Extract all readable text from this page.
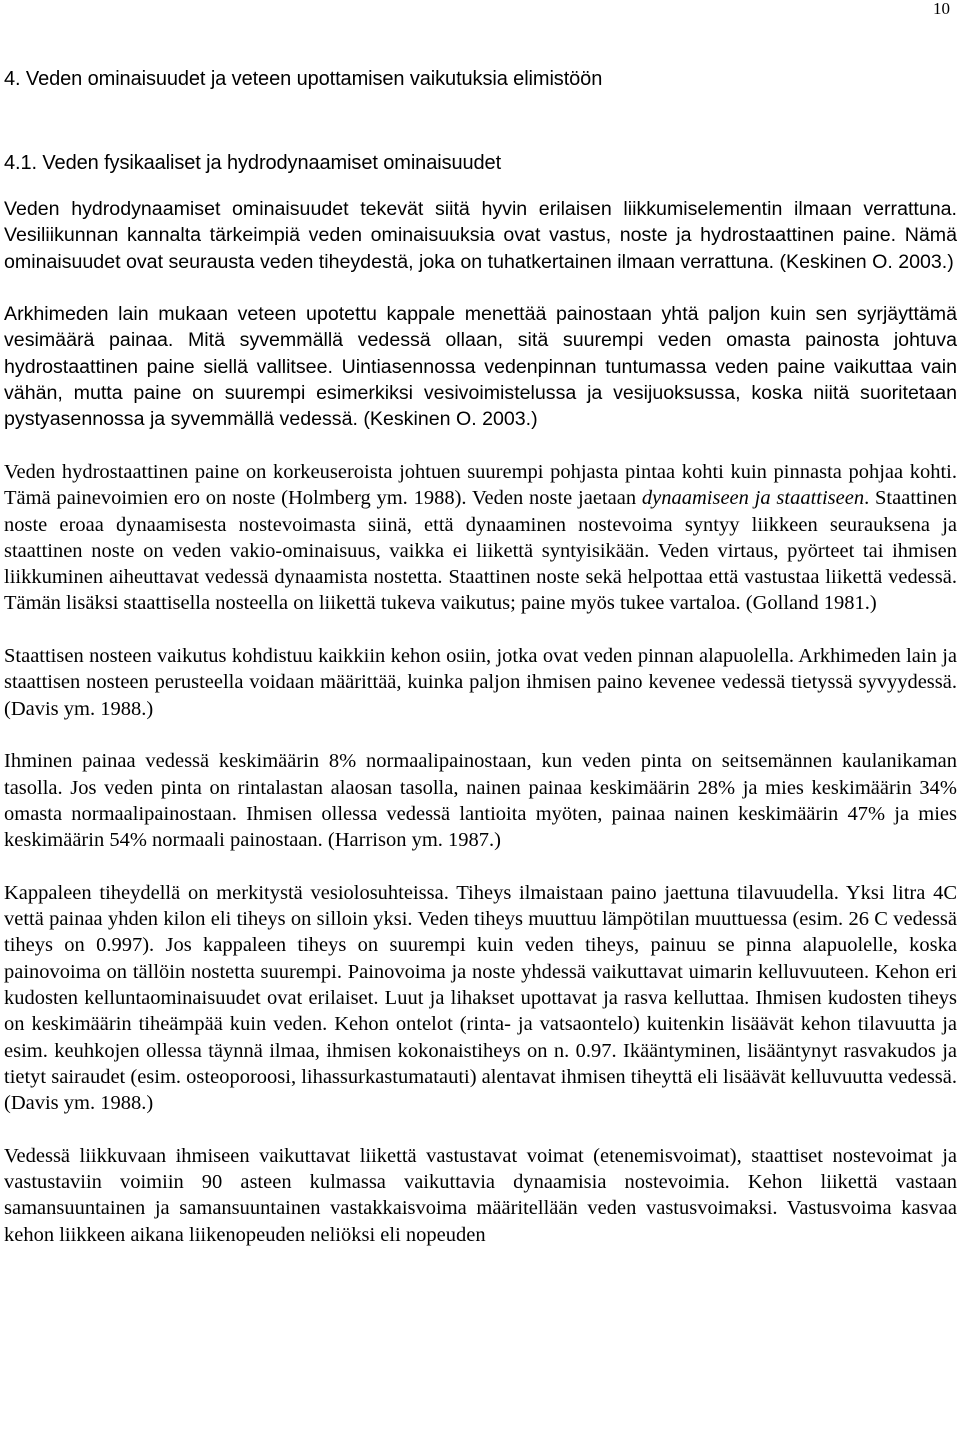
10
4. Veden ominaisuudet ja veteen upottamisen vaikutuksia elimistöön
4.1. Veden fysikaaliset ja hydrodynaamiset ominaisuudet

Veden hydrodynaamiset ominaisuudet tekevät siitä hyvin erilaisen liikkumiselementin ilmaan verrattuna. Vesiliikunnan kannalta tärkeimpiä veden ominaisuuksia ovat vastus, noste ja hydrostaattinen paine. Nämä ominaisuudet ovat seurausta veden tiheydestä, joka on tuhatkertainen ilmaan verrattuna. (Keskinen O. 2003.)

Arkhimeden lain mukaan veteen upotettu kappale menettää painostaan yhtä paljon kuin sen syrjäyttämä vesimäärä painaa. Mitä syvemmällä vedessä ollaan, sitä suurempi veden omasta painosta johtuva hydrostaattinen paine siellä vallitsee. Uintiasennossa vedenpinnan tuntumassa veden paine vaikuttaa vain vähän, mutta paine on suurempi esimerkiksi vesivoimistelussa ja vesijuoksussa, koska niitä suoritetaan pystyasennossa ja syvemmällä vedessä. (Keskinen O. 2003.)

Veden hydrostaattinen paine on korkeuseroista johtuen suurempi pohjasta pintaa kohti kuin pinnasta pohjaa kohti. Tämä painevoimien ero on noste (Holmberg ym. 1988). Veden noste jaetaan dynaamiseen ja staattiseen. Staattinen noste eroaa dynaamisesta nostevoimasta siinä, että dynaaminen nostevoima syntyy liikkeen seurauksena ja staattinen noste on veden vakio-ominaisuus, vaikka ei liikettä syntyisikään. Veden virtaus, pyörteet tai ihmisen liikkuminen aiheuttavat vedessä dynaamista nostetta. Staattinen noste sekä helpottaa että vastustaa liikettä vedessä. Tämän lisäksi staattisella nosteella on liikettä tukeva vaikutus; paine myös tukee vartaloa. (Golland 1981.)

Staattisen nosteen vaikutus kohdistuu kaikkiin kehon osiin, jotka ovat veden pinnan alapuolella. Arkhimeden lain ja staattisen nosteen perusteella voidaan määrittää, kuinka paljon ihmisen paino kevenee vedessä tietyssä syvyydessä. (Davis ym. 1988.)

Ihminen painaa vedessä keskimäärin 8% normaalipainostaan, kun veden pinta on seitsemännen kaulanikaman tasolla. Jos veden pinta on rintalastan alaosan tasolla, nainen painaa keskimäärin 28% ja mies keskimäärin 34% omasta normaalipainostaan. Ihmisen ollessa vedessä lantioita myöten, painaa nainen keskimäärin 47% ja mies keskimäärin 54% normaali painostaan. (Harrison ym. 1987.)

Kappaleen tiheydellä on merkitystä vesiolosuhteissa. Tiheys ilmaistaan paino jaettuna tilavuudella. Yksi litra 4C vettä painaa yhden kilon eli tiheys on silloin yksi. Veden tiheys muuttuu lämpötilan muuttuessa (esim. 26 C vedessä tiheys on 0.997). Jos kappaleen tiheys on suurempi kuin veden tiheys, painuu se pinna alapuolelle, koska painovoima on tällöin nostetta suurempi. Painovoima ja noste yhdessä vaikuttavat uimarin kelluvuuteen. Kehon eri kudosten kelluntaominaisuudet ovat erilaiset. Luut ja lihakset upottavat ja rasva kelluttaa. Ihmisen kudosten tiheys on keskimäärin tiheämpää kuin veden. Kehon ontelot (rinta- ja vatsaontelo) kuitenkin lisäävät kehon tilavuutta ja esim. keuhkojen ollessa täynnä ilmaa, ihmisen kokonaistiheys on n. 0.97. Ikääntyminen, lisääntynyt rasvakudos ja tietyt sairaudet (esim. osteoporoosi, lihassurkastumatauti) alentavat ihmisen tiheyttä eli lisäävät kelluvuutta vedessä. (Davis ym. 1988.)

Vedessä liikkuvaan ihmiseen vaikuttavat liikettä vastustavat voimat (etenemisvoimat), staattiset nostevoimat ja vastustaviin voimiin 90 asteen kulmassa vaikuttavia dynaamisia nostevoimia. Kehon liikettä vastaan samansuuntainen ja samansuuntainen vastakkaisvoima määritellään veden vastusvoimaksi. Vastusvoima kasvaa kehon liikkeen aikana liikenopeuden neliöksi eli nopeuden
